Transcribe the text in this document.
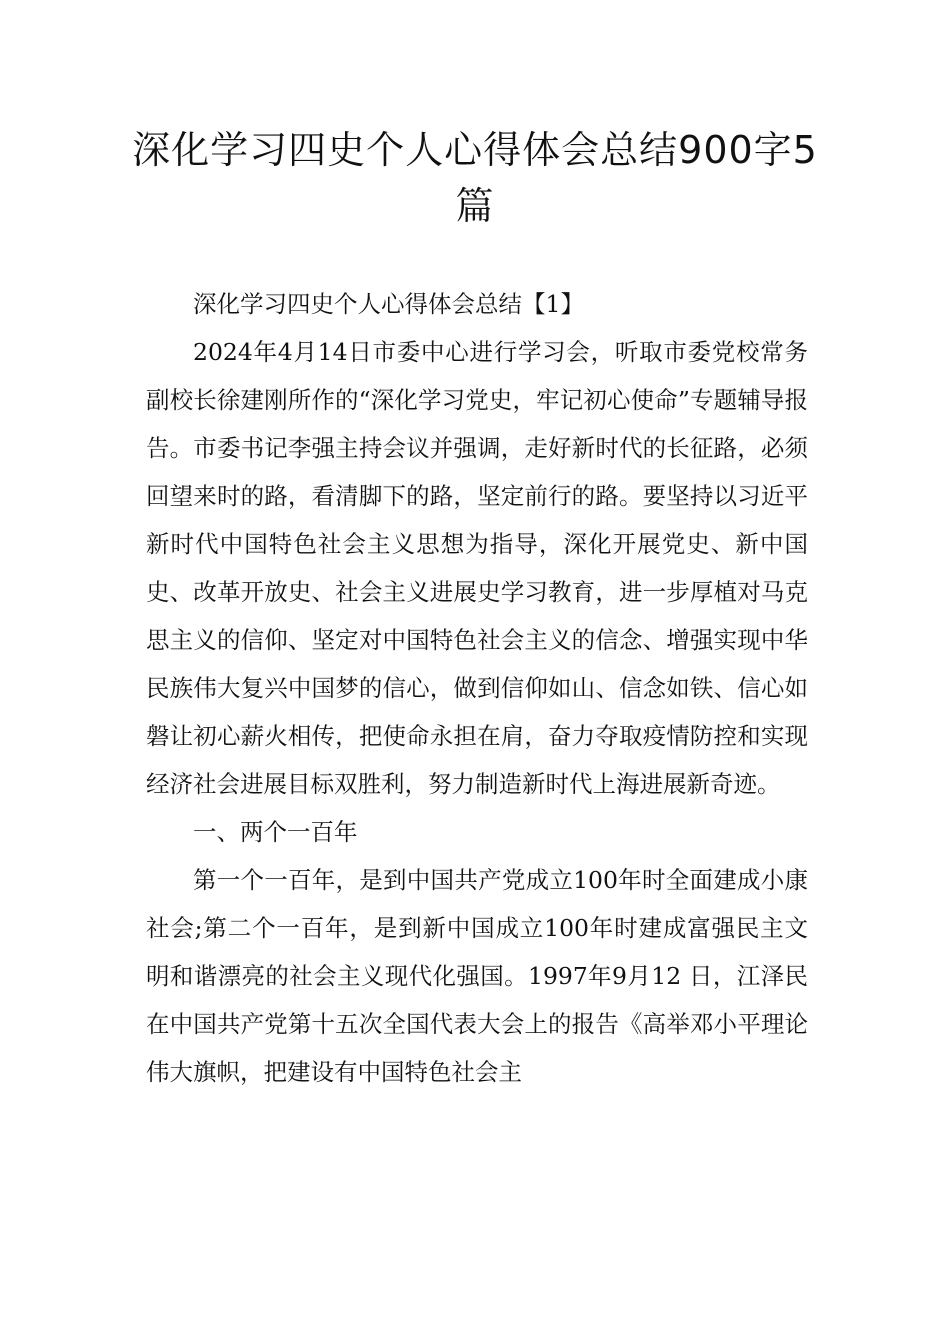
深化学习四史个人心得体会总结900字5篇

深化学习四史个人心得体会总结【1】

2024年4月14日市委中心进行学习会，听取市委党校常务副校长徐建刚所作的“深化学习党史，牢记初心使命”专题辅导报告。市委书记李强主持会议并强调，走好新时代的长征路，必须回望来时的路，看清脚下的路，坚定前行的路。要坚持以习近平新时代中国特色社会主义思想为指导，深化开展党史、新中国史、改革开放史、社会主义进展史学习教育，进一步厚植对马克思主义的信仰、坚定对中国特色社会主义的信念、增强实现中华民族伟大复兴中国梦的信心，做到信仰如山、信念如铁、信心如磐让初心薪火相传，把使命永担在肩，奋力夺取疫情防控和实现经济社会进展目标双胜利，努力制造新时代上海进展新奇迹。

一、两个一百年

第一个一百年，是到中国共产党成立100年时全面建成小康社会;第二个一百年，是到新中国成立100年时建成富强民主文明和谐漂亮的社会主义现代化强国。1997年9月12 日，江泽民在中国共产党第十五次全国代表大会上的报告《高举邓小平理论伟大旗帜，把建设有中国特色社会主
